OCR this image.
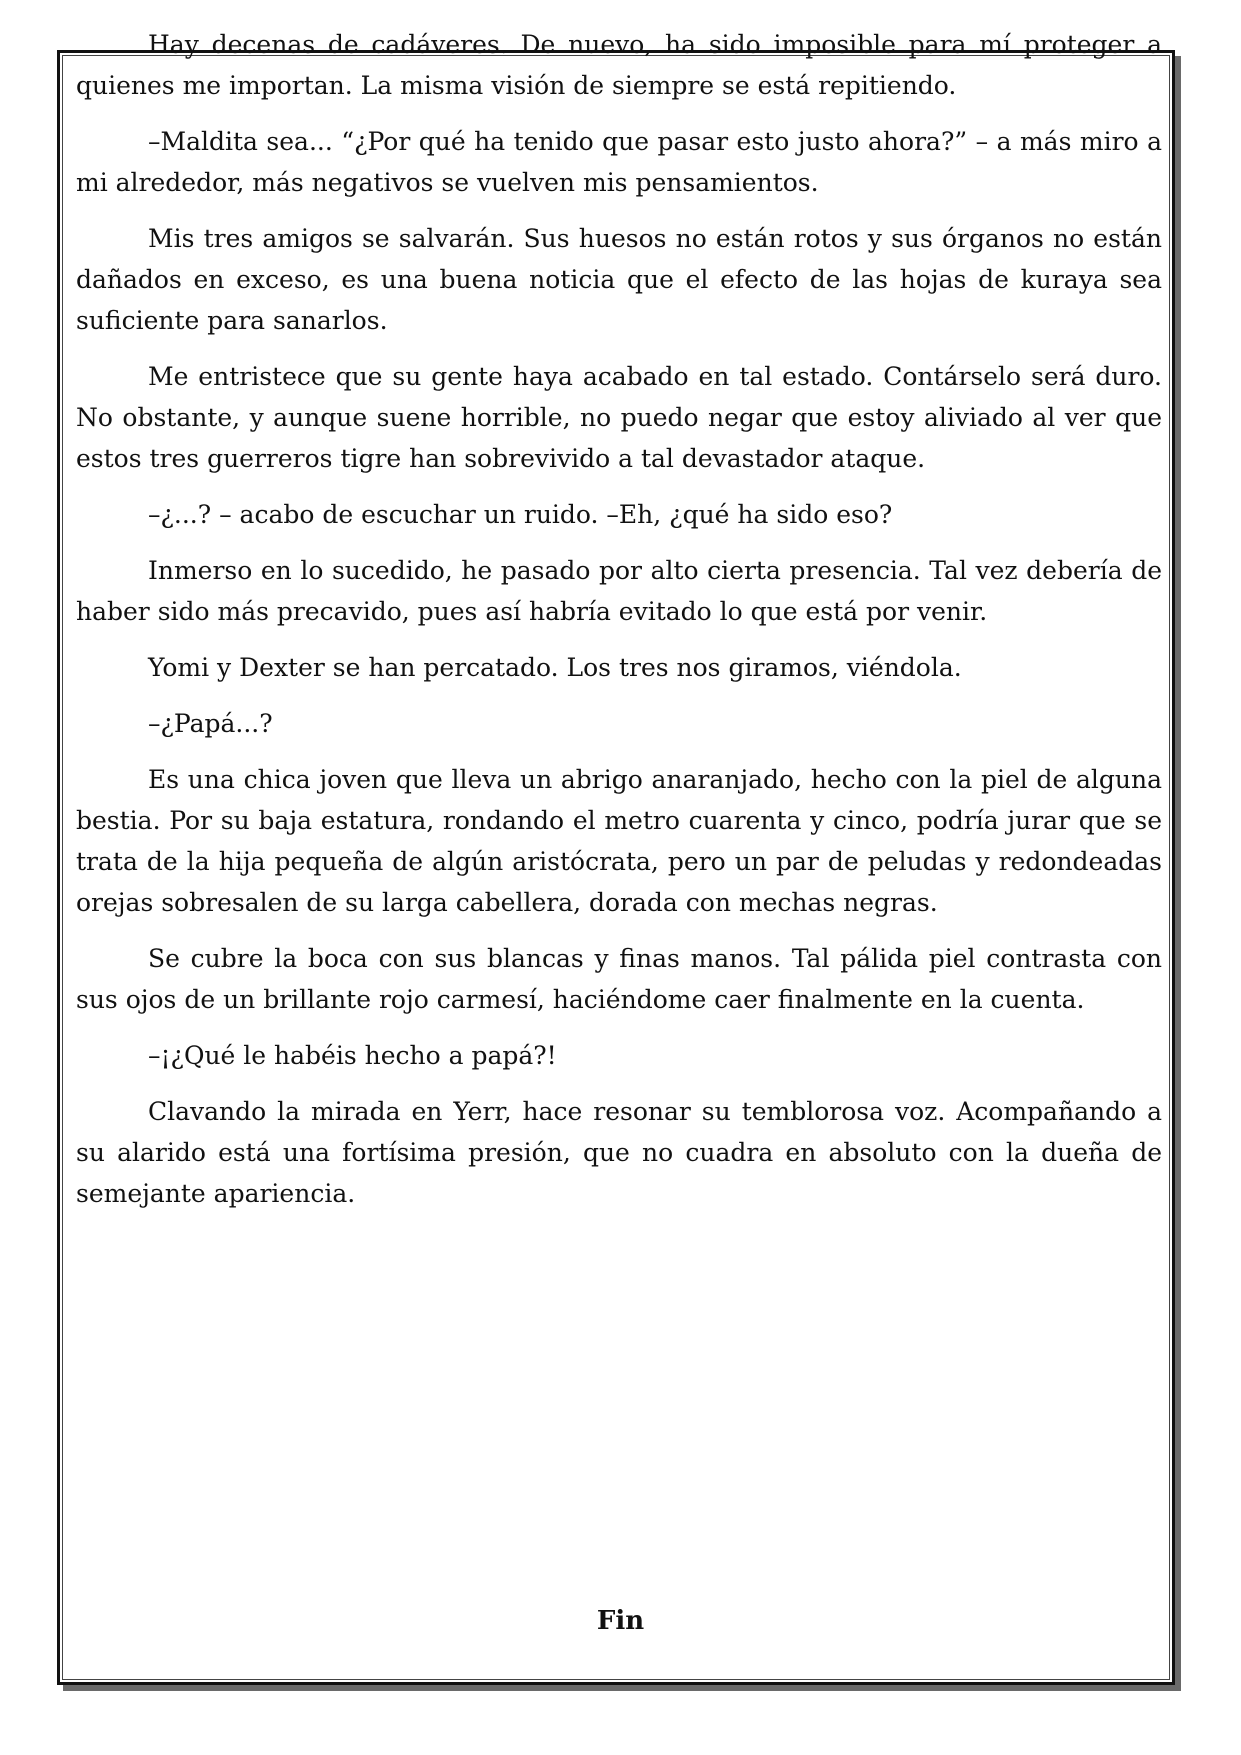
Hay decenas de cadáveres. De nuevo, ha sido imposible para mí proteger a quienes me importan. La misma visión de siempre se está repitiendo.

–Maldita sea... “¿Por qué ha tenido que pasar esto justo ahora?” – a más miro a mi alrededor, más negativos se vuelven mis pensamientos.

Mis tres amigos se salvarán. Sus huesos no están rotos y sus órganos no están dañados en exceso, es una buena noticia que el efecto de las hojas de kuraya sea suficiente para sanarlos.

Me entristece que su gente haya acabado en tal estado. Contárselo será duro. No obstante, y aunque suene horrible, no puedo negar que estoy aliviado al ver que estos tres guerreros tigre han sobrevivido a tal devastador ataque.

–¿...? – acabo de escuchar un ruido. –Eh, ¿qué ha sido eso?

Inmerso en lo sucedido, he pasado por alto cierta presencia. Tal vez debería de haber sido más precavido, pues así habría evitado lo que está por venir.

Yomi y Dexter se han percatado. Los tres nos giramos, viéndola.

–¿Papá...?

Es una chica joven que lleva un abrigo anaranjado, hecho con la piel de alguna bestia. Por su baja estatura, rondando el metro cuarenta y cinco, podría jurar que se trata de la hija pequeña de algún aristócrata, pero un par de peludas y redondeadas orejas sobresalen de su larga cabellera, dorada con mechas negras.

Se cubre la boca con sus blancas y finas manos. Tal pálida piel contrasta con sus ojos de un brillante rojo carmesí, haciéndome caer finalmente en la cuenta.

–¡¿Qué le habéis hecho a papá?!

Clavando la mirada en Yerr, hace resonar su temblorosa voz. Acompañando a su alarido está una fortísima presión, que no cuadra en absoluto con la dueña de semejante apariencia.

Fin
